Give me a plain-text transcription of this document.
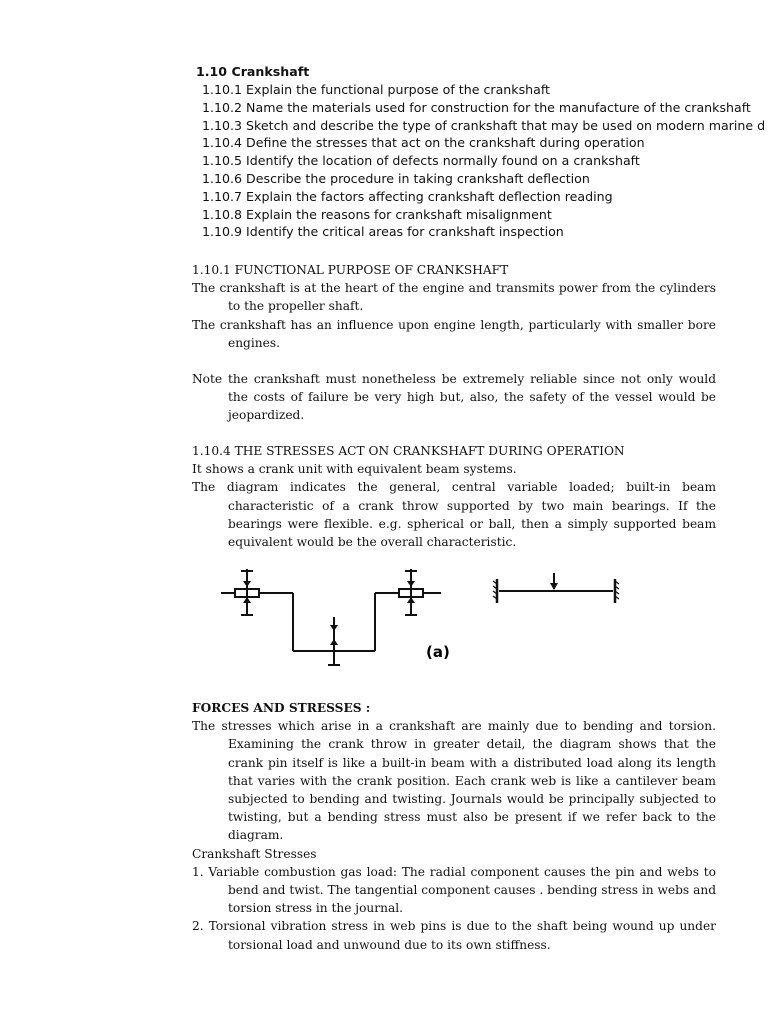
1.10 Crankshaft
1.10.1 Explain the functional purpose of the crankshaft
1.10.2 Name the materials used for construction for the manufacture of the crankshaft
1.10.3 Sketch and describe the type of crankshaft that may be used on modern marine d
1.10.4 Define the stresses that act on the crankshaft during operation
1.10.5 Identify the location of defects normally found on a crankshaft
1.10.6 Describe the procedure in taking crankshaft deflection
1.10.7 Explain the factors affecting crankshaft deflection reading
1.10.8 Explain the reasons for crankshaft misalignment
1.10.9 Identify the critical areas for crankshaft inspection
1.10.1 FUNCTIONAL PURPOSE OF CRANKSHAFT
The crankshaft is at the heart of the engine and transmits power from the cylinders to the propeller shaft.
The crankshaft has an influence upon engine length, particularly with smaller bore engines.
Note the crankshaft must nonetheless be extremely reliable since not only would the costs of failure be very high but, also, the safety of the vessel would be jeopardized.
1.10.4 THE STRESSES ACT ON CRANKSHAFT DURING OPERATION
It shows a crank unit with equivalent beam systems.
The diagram indicates the general, central variable loaded; built-in beam characteristic of a crank throw supported by two main bearings. If the bearings were flexible. e.g. spherical or ball, then a simply supported beam equivalent would be the overall characteristic.
(a)
FORCES AND STRESSES :
The stresses which arise in a crankshaft are mainly due to bending and torsion. Examining the crank throw in greater detail, the diagram shows that the crank pin itself is like a built-in beam with a distributed load along its length that varies with the crank position. Each crank web is like a cantilever beam subjected to bending and twisting. Journals would be principally subjected to twisting, but a bending stress must also be present if we refer back to the diagram.
Crankshaft Stresses
1. Variable combustion gas load: The radial component causes the pin and webs to bend and twist. The tangential component causes . bending stress in webs and torsion stress in the journal.
2. Torsional vibration stress in web pins is due to the shaft being wound up under torsional load and unwound due to its own stiffness.
